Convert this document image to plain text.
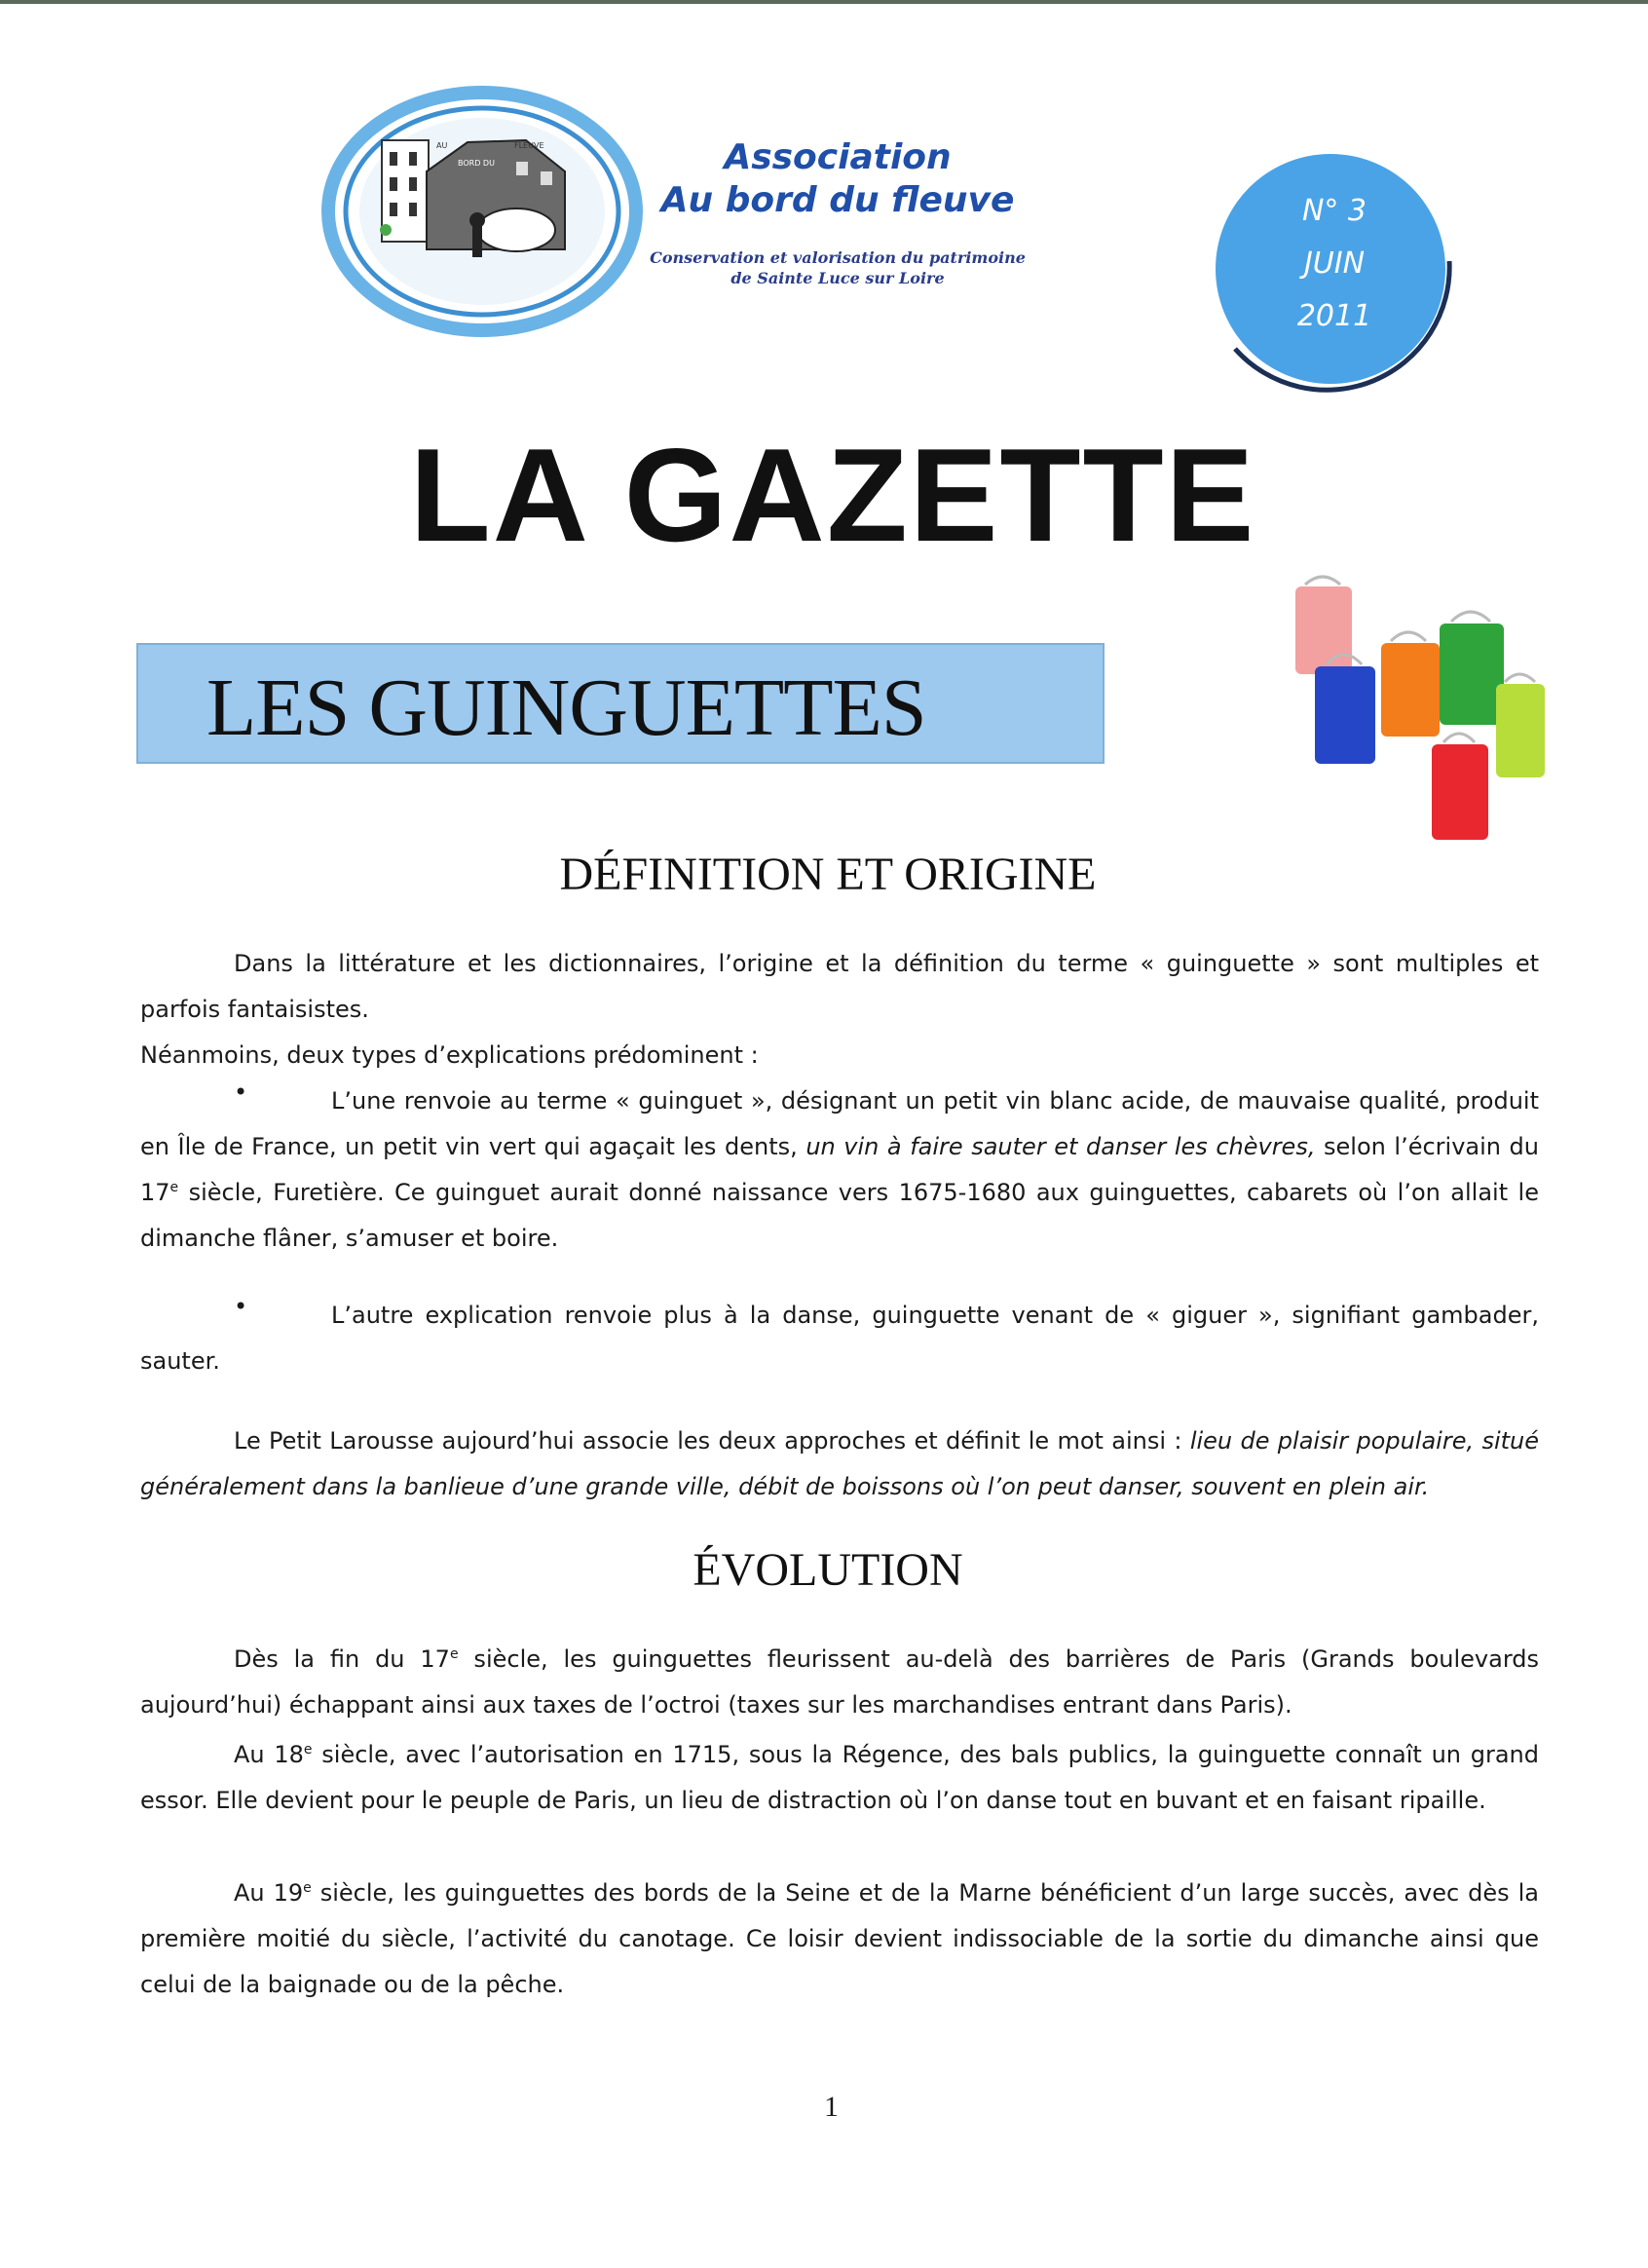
AU
BORD DU
FLEUVE	Association
Au bord du fleuve
Conservation et valorisation du patrimoine
de Sainte Luce sur Loire
N° 3
JUIN
2011
LA GAZETTE
LES GUINGUETTES
DÉFINITION ET ORIGINE
Dans la littérature et les dictionnaires, l’origine et la définition du terme « guinguette » sont multiples et parfois fantaisistes.
Néanmoins, deux types d’explications prédominent :
•	L’une renvoie au terme « guinguet », désignant un petit vin blanc acide, de mauvaise qualité, produit en Île de France, un petit vin vert qui agaçait les dents, un vin à faire sauter et danser les chèvres, selon l’écrivain du 17e siècle, Furetière. Ce guinguet aurait donné naissance vers 1675-1680 aux guinguettes, cabarets où l’on allait le dimanche flâner, s’amuser et boire.
•	L’autre explication renvoie plus à la danse, guinguette venant de « giguer », signifiant gambader, sauter.
Le Petit Larousse aujourd’hui associe les deux approches et définit le mot ainsi : lieu de plaisir populaire, situé généralement dans la banlieue d’une grande ville, débit de boissons où l’on peut danser, souvent en plein air.
ÉVOLUTION
Dès la fin du 17e siècle, les guinguettes fleurissent au-delà des barrières de Paris (Grands boulevards aujourd’hui) échappant ainsi aux taxes de l’octroi (taxes sur les marchandises entrant dans Paris).
Au 18e siècle, avec l’autorisation en 1715, sous la Régence, des bals publics, la guinguette connaît un grand essor. Elle devient pour le peuple de Paris, un lieu de distraction où l’on danse tout en buvant et en faisant ripaille.
Au 19e siècle, les guinguettes des bords de la Seine et de la Marne bénéficient d’un large succès, avec dès la première moitié du siècle, l’activité du canotage. Ce loisir devient indissociable de la sortie du dimanche ainsi que celui de la baignade ou de la pêche.
1
